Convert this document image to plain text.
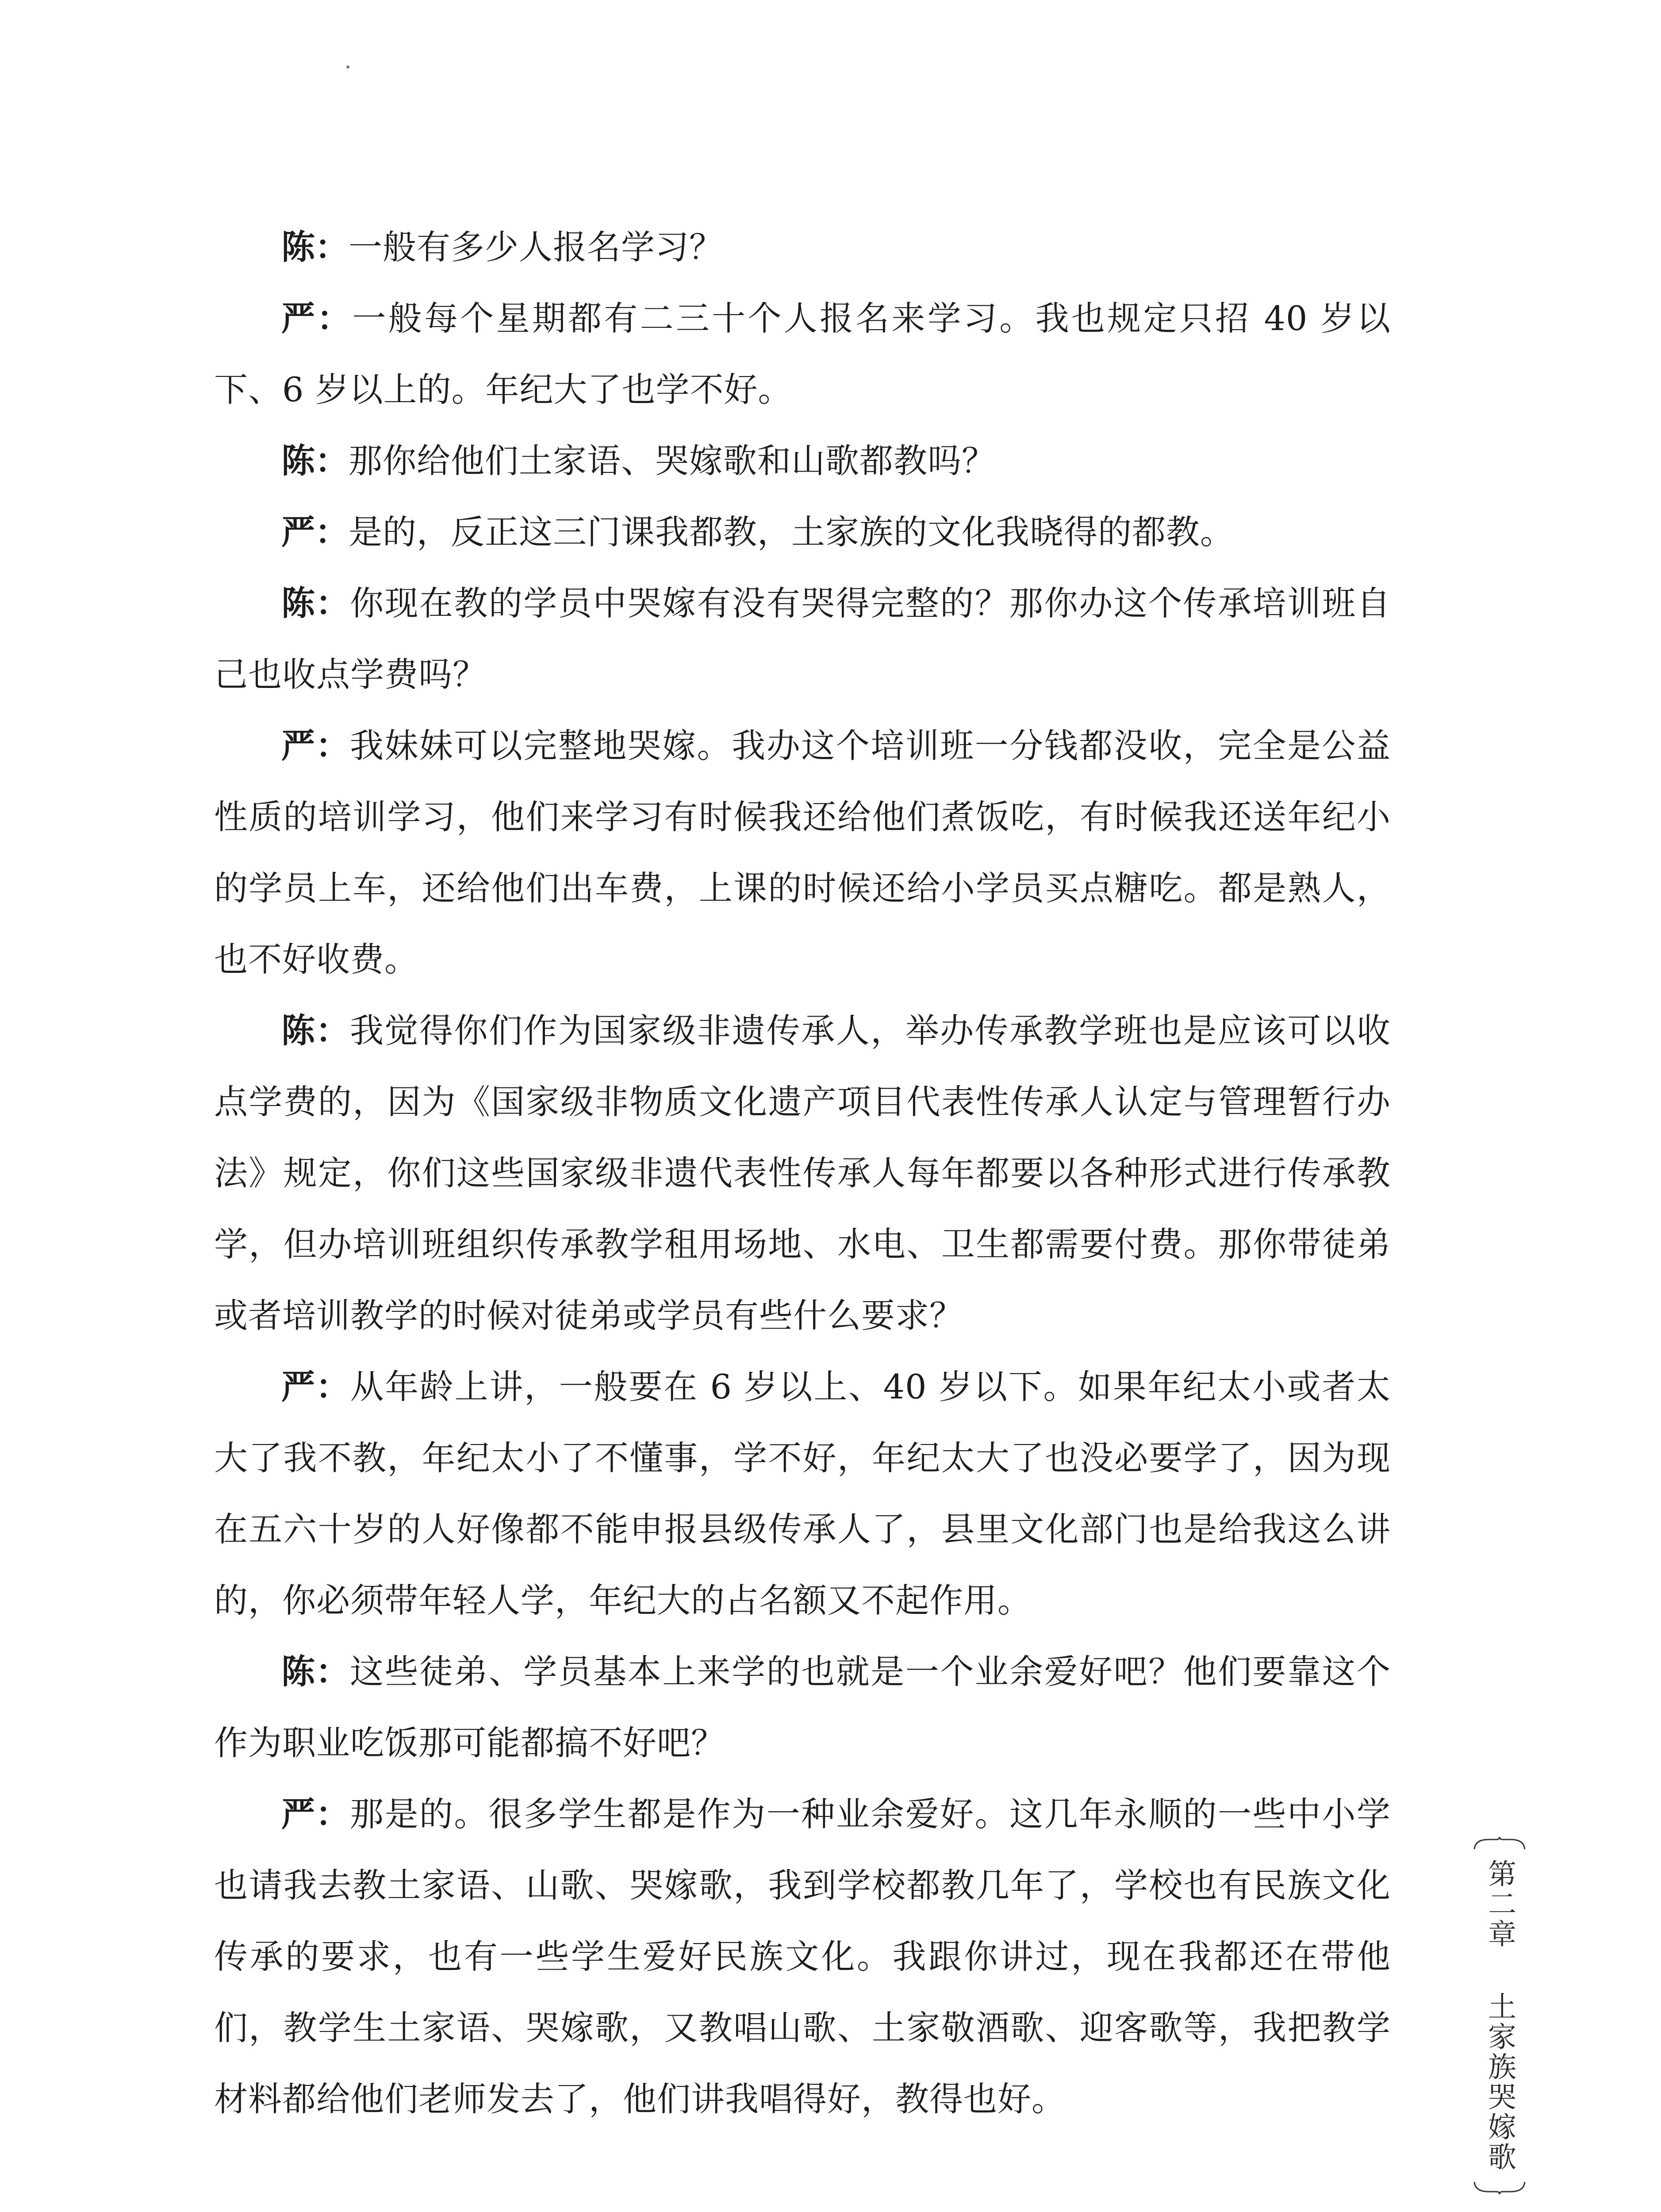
陈：一般有多少人报名学习？

严：一般每个星期都有二三十个人报名来学习。我也规定只招 40 岁以下、6 岁以上的。年纪大了也学不好。

陈：那你给他们土家语、哭嫁歌和山歌都教吗？

严：是的，反正这三门课我都教，土家族的文化我晓得的都教。

陈：你现在教的学员中哭嫁有没有哭得完整的？那你办这个传承培训班自己也收点学费吗？

严：我妹妹可以完整地哭嫁。我办这个培训班一分钱都没收，完全是公益性质的培训学习，他们来学习有时候我还给他们煮饭吃，有时候我还送年纪小的学员上车，还给他们出车费，上课的时候还给小学员买点糖吃。都是熟人，也不好收费。

陈：我觉得你们作为国家级非遗传承人，举办传承教学班也是应该可以收点学费的，因为《国家级非物质文化遗产项目代表性传承人认定与管理暂行办法》规定，你们这些国家级非遗代表性传承人每年都要以各种形式进行传承教学，但办培训班组织传承教学租用场地、水电、卫生都需要付费。那你带徒弟或者培训教学的时候对徒弟或学员有些什么要求？

严：从年龄上讲，一般要在 6 岁以上、40 岁以下。如果年纪太小或者太大了我不教，年纪太小了不懂事，学不好，年纪太大了也没必要学了，因为现在五六十岁的人好像都不能申报县级传承人了，县里文化部门也是给我这么讲的，你必须带年轻人学，年纪大的占名额又不起作用。

陈：这些徒弟、学员基本上来学的也就是一个业余爱好吧？他们要靠这个作为职业吃饭那可能都搞不好吧？

严：那是的。很多学生都是作为一种业余爱好。这几年永顺的一些中小学也请我去教土家语、山歌、哭嫁歌，我到学校都教几年了，学校也有民族文化传承的要求，也有一些学生爱好民族文化。我跟你讲过，现在我都还在带他们，教学生土家语、哭嫁歌，又教唱山歌、土家敬酒歌、迎客歌等，我把教学材料都给他们老师发去了，他们讲我唱得好，教得也好。

第二章
土家族哭嫁歌
